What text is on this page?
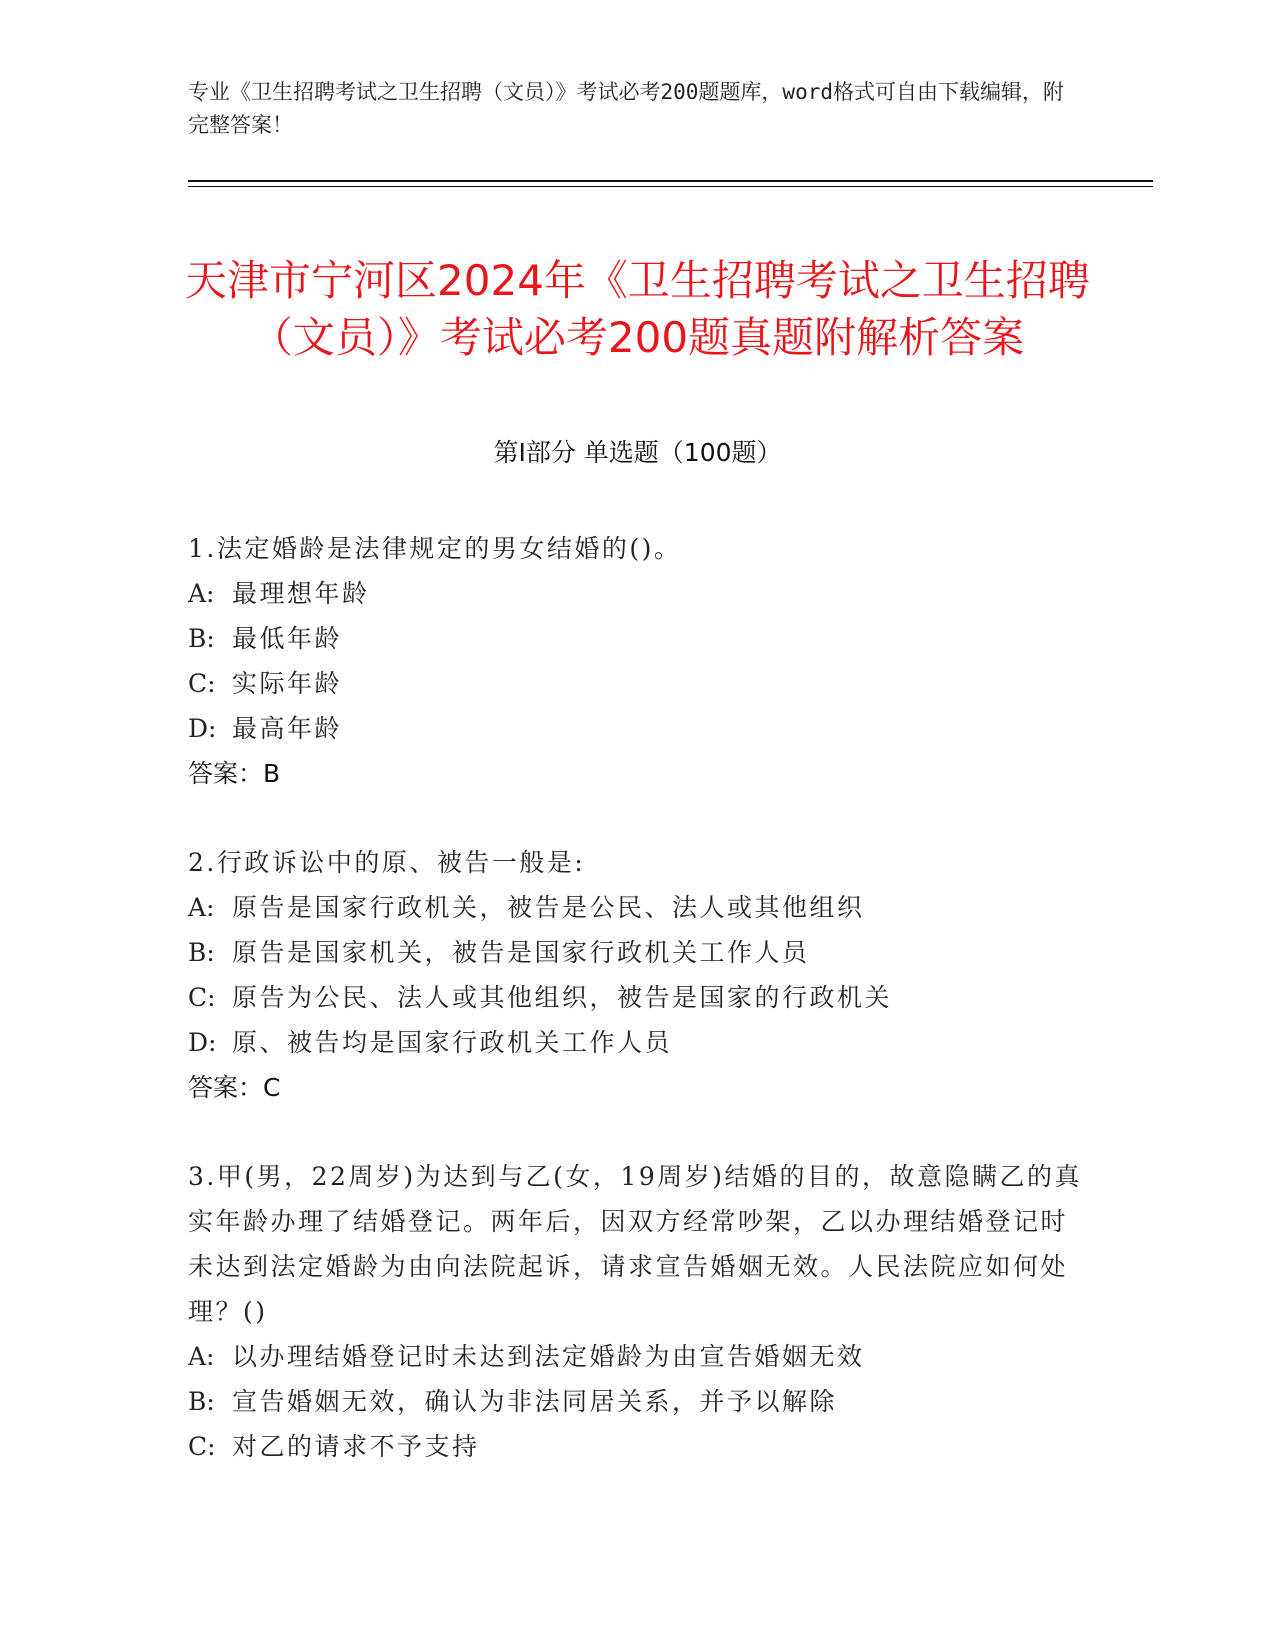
专业《卫生招聘考试之卫生招聘（文员）》考试必考200题题库，word格式可自由下载编辑，附完整答案！
天津市宁河区2024年《卫生招聘考试之卫生招聘（文员）》考试必考200题真题附解析答案
第Ⅰ部分 单选题（100题）

1.法定婚龄是法律规定的男女结婚的()。

A: 最理想年龄

B: 最低年龄

C: 实际年龄

D: 最高年龄

答案：B

2.行政诉讼中的原、被告一般是:

A: 原告是国家行政机关，被告是公民、法人或其他组织

B: 原告是国家机关，被告是国家行政机关工作人员

C: 原告为公民、法人或其他组织，被告是国家的行政机关

D: 原、被告均是国家行政机关工作人员

答案：C

3.甲(男，22周岁)为达到与乙(女，19周岁)结婚的目的，故意隐瞒乙的真实年龄办理了结婚登记。两年后，因双方经常吵架，乙以办理结婚登记时未达到法定婚龄为由向法院起诉，请求宣告婚姻无效。人民法院应如何处理？()

A: 以办理结婚登记时未达到法定婚龄为由宣告婚姻无效

B: 宣告婚姻无效，确认为非法同居关系，并予以解除

C: 对乙的请求不予支持
